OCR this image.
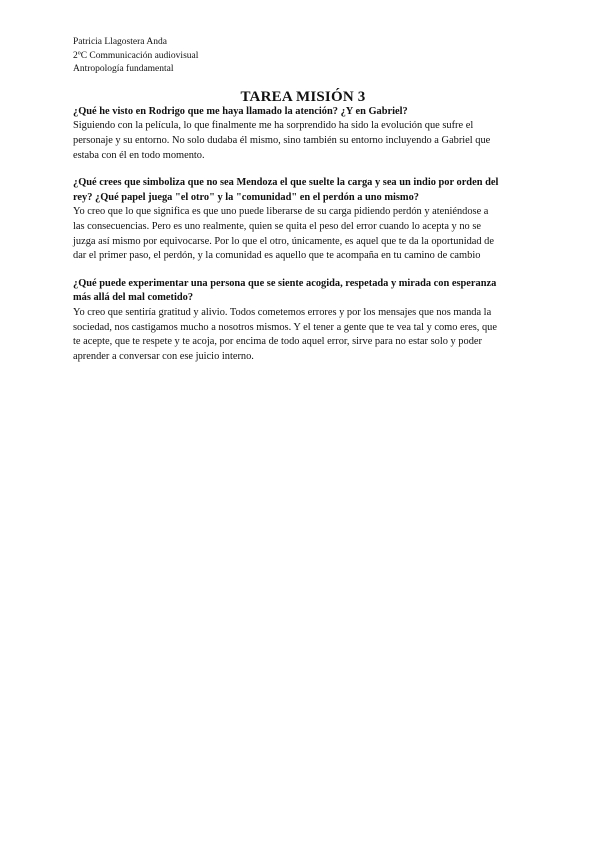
Patricia Llagostera Anda
2ºC Communicación audiovisual
Antropología fundamental
TAREA MISIÓN 3
¿Qué he visto en Rodrigo que me haya llamado la atención? ¿Y en Gabriel?
Siguiendo con la película, lo que finalmente me ha sorprendido ha sido la evolución que sufre el
personaje y su entorno. No solo dudaba él mismo, sino también su entorno incluyendo a Gabriel que
estaba con él en todo momento.
¿Qué crees que simboliza que no sea Mendoza el que suelte la carga y sea un indio por orden del
rey? ¿Qué papel juega "el otro" y la "comunidad" en el perdón a uno mismo?
Yo creo que lo que significa es que uno puede liberarse de su carga pidiendo perdón y ateniéndose a
las consecuencias. Pero es uno realmente, quien se quita el peso del error cuando lo acepta y no se
juzga así mismo por equivocarse. Por lo que el otro, únicamente, es aquel que te da la oportunidad de
dar el primer paso, el perdón, y la comunidad es aquello que te acompaña en tu camino de cambio
¿Qué puede experimentar una persona que se siente acogida, respetada y mirada con esperanza
más allá del mal cometido?
Yo creo que sentiría gratitud y alivio. Todos cometemos errores y por los mensajes que nos manda la
sociedad, nos castigamos mucho a nosotros mismos. Y el tener a gente que te vea tal y como eres, que
te acepte, que te respete y te acoja, por encima de todo aquel error, sirve para no estar solo y poder
aprender a conversar con ese juicio interno.
